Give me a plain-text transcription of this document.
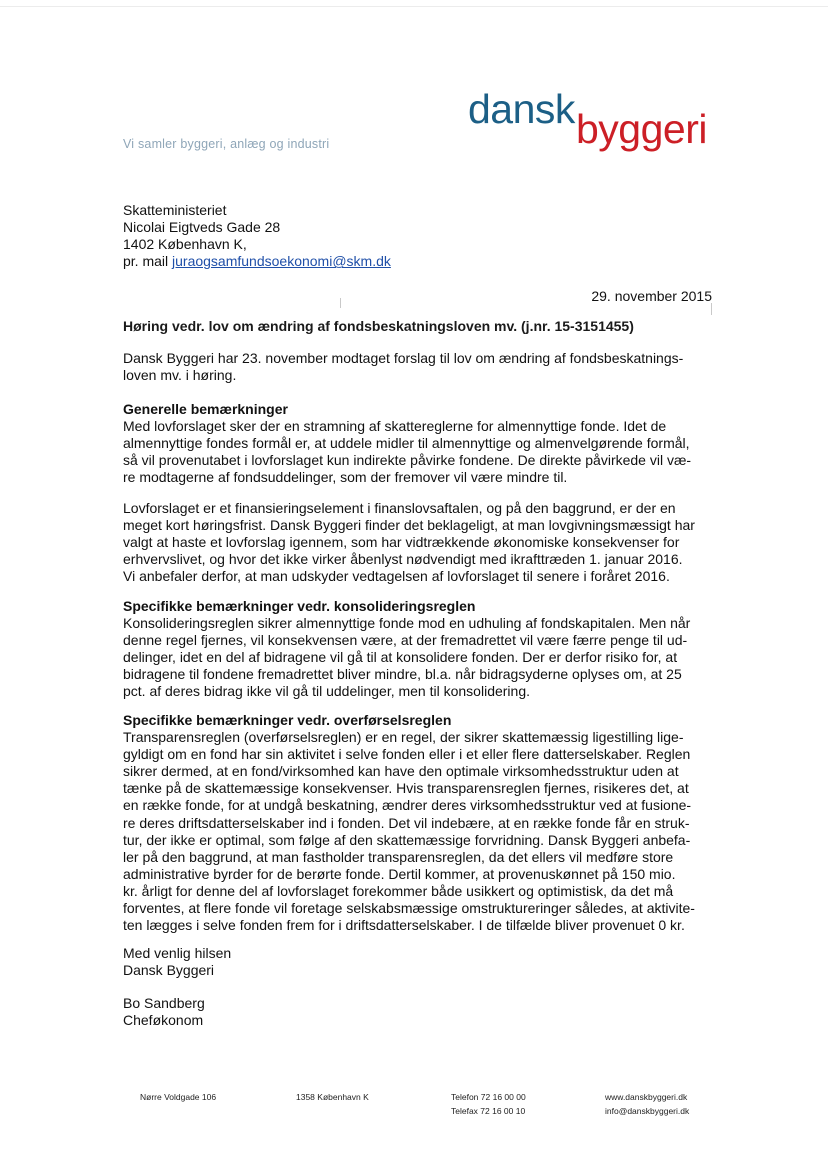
Vi samler byggeri, anlæg og industri
dansk byggeri
Skatteministeriet
Nicolai Eigtveds Gade 28
1402 København K,
pr. mail juraogsamfundsoekonomi@skm.dk
29. november 2015
Høring vedr. lov om ændring af fondsbeskatningsloven mv. (j.nr. 15-3151455)
Dansk Byggeri har 23. november modtaget forslag til lov om ændring af fondsbeskatnings-
loven mv. i høring.
Generelle bemærkninger
Med lovforslaget sker der en stramning af skattereglerne for almennyttige fonde. Idet de
almennyttige fondes formål er, at uddele midler til almennyttige og almenvelgørende formål,
så vil provenutabet i lovforslaget kun indirekte påvirke fondene. De direkte påvirkede vil væ-
re modtagerne af fondsuddelinger, som der fremover vil være mindre til.
Lovforslaget er et finansieringselement i finanslovsaftalen, og på den baggrund, er der en
meget kort høringsfrist. Dansk Byggeri finder det beklageligt, at man lovgivningsmæssigt har
valgt at haste et lovforslag igennem, som har vidtrækkende økonomiske konsekvenser for
erhvervslivet, og hvor det ikke virker åbenlyst nødvendigt med ikrafttræden 1. januar 2016.
Vi anbefaler derfor, at man udskyder vedtagelsen af lovforslaget til senere i foråret 2016.
Specifikke bemærkninger vedr. konsolideringsreglen
Konsolideringsreglen sikrer almennyttige fonde mod en udhuling af fondskapitalen. Men når
denne regel fjernes, vil konsekvensen være, at der fremadrettet vil være færre penge til ud-
delinger, idet en del af bidragene vil gå til at konsolidere fonden. Der er derfor risiko for, at
bidragene til fondene fremadrettet bliver mindre, bl.a. når bidragsyderne oplyses om, at 25
pct. af deres bidrag ikke vil gå til uddelinger, men til konsolidering.
Specifikke bemærkninger vedr. overførselsreglen
Transparensreglen (overførselsreglen) er en regel, der sikrer skattemæssig ligestilling lige-
gyldigt om en fond har sin aktivitet i selve fonden eller i et eller flere datterselskaber. Reglen
sikrer dermed, at en fond/virksomhed kan have den optimale virksomhedsstruktur uden at
tænke på de skattemæssige konsekvenser. Hvis transparensreglen fjernes, risikeres det, at
en række fonde, for at undgå beskatning, ændrer deres virksomhedsstruktur ved at fusione-
re deres driftsdatterselskaber ind i fonden. Det vil indebære, at en række fonde får en struk-
tur, der ikke er optimal, som følge af den skattemæssige forvridning. Dansk Byggeri anbefa-
ler på den baggrund, at man fastholder transparensreglen, da det ellers vil medføre store
administrative byrder for de berørte fonde. Dertil kommer, at provenuskønnet på 150 mio.
kr. årligt for denne del af lovforslaget forekommer både usikkert og optimistisk, da det må
forventes, at flere fonde vil foretage selskabsmæssige omstruktureringer således, at aktivite-
ten lægges i selve fonden frem for i driftsdatterselskaber. I de tilfælde bliver provenuet 0 kr.
Med venlig hilsen
Dansk Byggeri
Bo Sandberg
Cheføkonom
Nørre Voldgade 106	1358 København K	Telefon 72 16 00 00
Telefax 72 16 00 10
www.danskbyggeri.dk
info@danskbyggeri.dk
